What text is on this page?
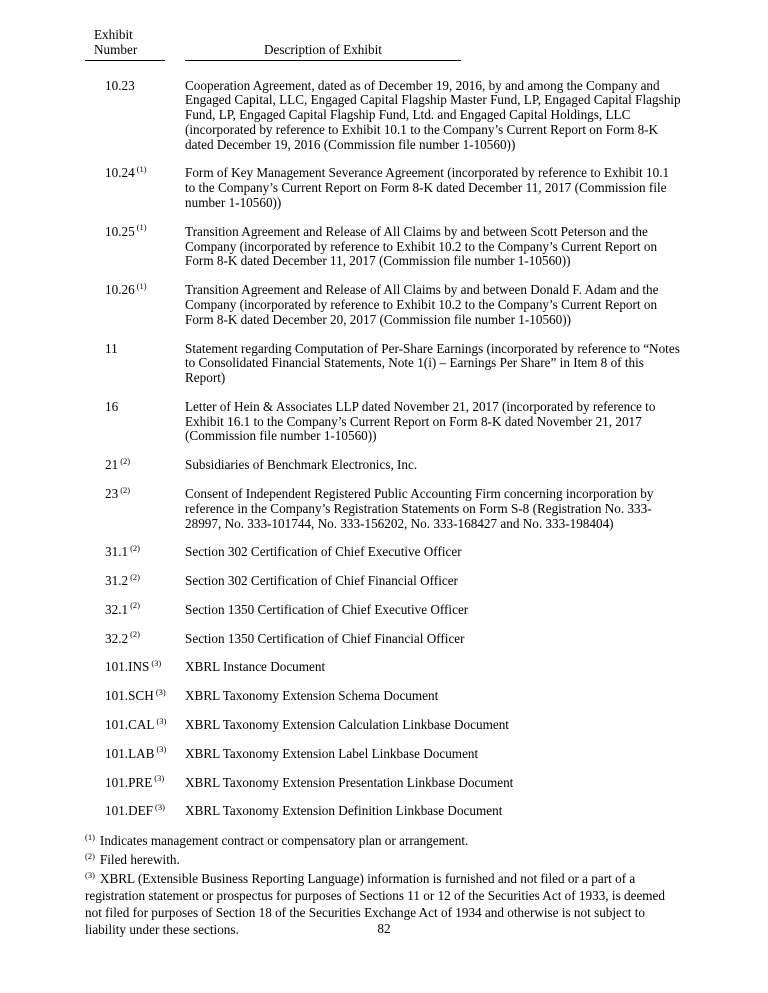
Exhibit
Number	Description of Exhibit
10.23	Cooperation Agreement, dated as of December 19, 2016, by and among the Company and Engaged Capital, LLC, Engaged Capital Flagship Master Fund, LP, Engaged Capital Flagship Fund, LP, Engaged Capital Flagship Fund, Ltd. and Engaged Capital Holdings, LLC (incorporated by reference to Exhibit 10.1 to the Company’s Current Report on Form 8-K dated December 19, 2016 (Commission file number 1-10560))
10.24 $^{(1)}$	Form of Key Management Severance Agreement (incorporated by reference to Exhibit 10.1 to the Company’s Current Report on Form 8-K dated December 11, 2017 (Commission file number 1-10560))
10.25 $^{(1)}$	Transition Agreement and Release of All Claims by and between Scott Peterson and the Company (incorporated by reference to Exhibit 10.2 to the Company’s Current Report on Form 8-K dated December 11, 2017 (Commission file number 1-10560))
10.26 $^{(1)}$	Transition Agreement and Release of All Claims by and between Donald F. Adam and the Company (incorporated by reference to Exhibit 10.2 to the Company’s Current Report on Form 8-K dated December 20, 2017 (Commission file number 1-10560))
11	Statement regarding Computation of Per-Share Earnings (incorporated by reference to “Notes to Consolidated Financial Statements, Note 1(i) – Earnings Per Share” in Item 8 of this Report)
16	Letter of Hein & Associates LLP dated November 21, 2017 (incorporated by reference to Exhibit 16.1 to the Company’s Current Report on Form 8-K dated November 21, 2017 (Commission file number 1-10560))
21 $^{(2)}$	Subsidiaries of Benchmark Electronics, Inc.
23 $^{(2)}$	Consent of Independent Registered Public Accounting Firm concerning incorporation by reference in the Company’s Registration Statements on Form S-8 (Registration No. 333-28997, No. 333-101744, No. 333-156202, No. 333-168427 and No. 333-198404)
31.1 $^{(2)}$	Section 302 Certification of Chief Executive Officer
31.2 $^{(2)}$	Section 302 Certification of Chief Financial Officer
32.1 $^{(2)}$	Section 1350 Certification of Chief Executive Officer
32.2 $^{(2)}$	Section 1350 Certification of Chief Financial Officer
101.INS $^{(3)}$	XBRL Instance Document
101.SCH $^{(3)}$	XBRL Taxonomy Extension Schema Document
101.CAL $^{(3)}$	XBRL Taxonomy Extension Calculation Linkbase Document
101.LAB $^{(3)}$	XBRL Taxonomy Extension Label Linkbase Document
101.PRE $^{(3)}$	XBRL Taxonomy Extension Presentation Linkbase Document
101.DEF $^{(3)}$	XBRL Taxonomy Extension Definition Linkbase Document

$^{(1)}$ Indicates management contract or compensatory plan or arrangement.

$^{(2)}$ Filed herewith.

$^{(3)}$ XBRL (Extensible Business Reporting Language) information is furnished and not filed or a part of a registration statement or prospectus for purposes of Sections 11 or 12 of the Securities Act of 1933, is deemed not filed for purposes of Section 18 of the Securities Exchange Act of 1934 and otherwise is not subject to liability under these sections.	82
